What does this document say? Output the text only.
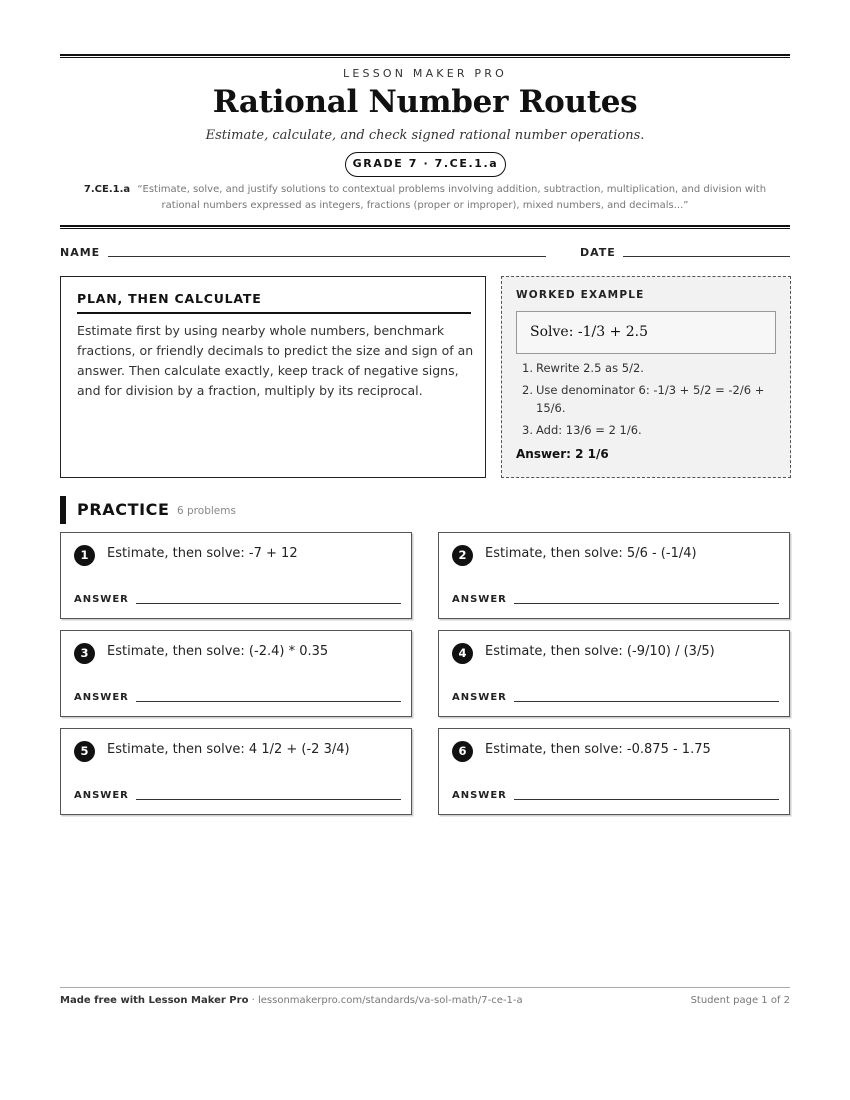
LESSON MAKER PRO
Rational Number Routes
Estimate, calculate, and check signed rational number operations.
GRADE 7 · 7.CE.1.a
7.CE.1.a “Estimate, solve, and justify solutions to contextual problems involving addition, subtraction, multiplication, and division with rational numbers expressed as integers, fractions (proper or improper), mixed numbers, and decimals...”
NAME	DATE
PLAN, THEN CALCULATE
Estimate first by using nearby whole numbers, benchmark fractions, or friendly decimals to predict the size and sign of an answer. Then calculate exactly, keep track of negative signs, and for division by a fraction, multiply by its reciprocal.
WORKED EXAMPLE
Solve: -1/3 + 2.5
1. Rewrite 2.5 as 5/2.
2. Use denominator 6: -1/3 + 5/2 = -2/6 + 15/6.
3. Add: 13/6 = 2 1/6.
Answer: 2 1/6
PRACTICE 6 problems
1	Estimate, then solve: -7 + 12
ANSWER
2	Estimate, then solve: 5/6 - (-1/4)
ANSWER
3	Estimate, then solve: (-2.4) * 0.35
ANSWER
4	Estimate, then solve: (-9/10) / (3/5)
ANSWER
5	Estimate, then solve: 4 1/2 + (-2 3/4)
ANSWER
6	Estimate, then solve: -0.875 - 1.75
ANSWER
Made free with Lesson Maker Pro · lessonmakerpro.com/standards/va-sol-math/7-ce-1-a	Student page 1 of 2
